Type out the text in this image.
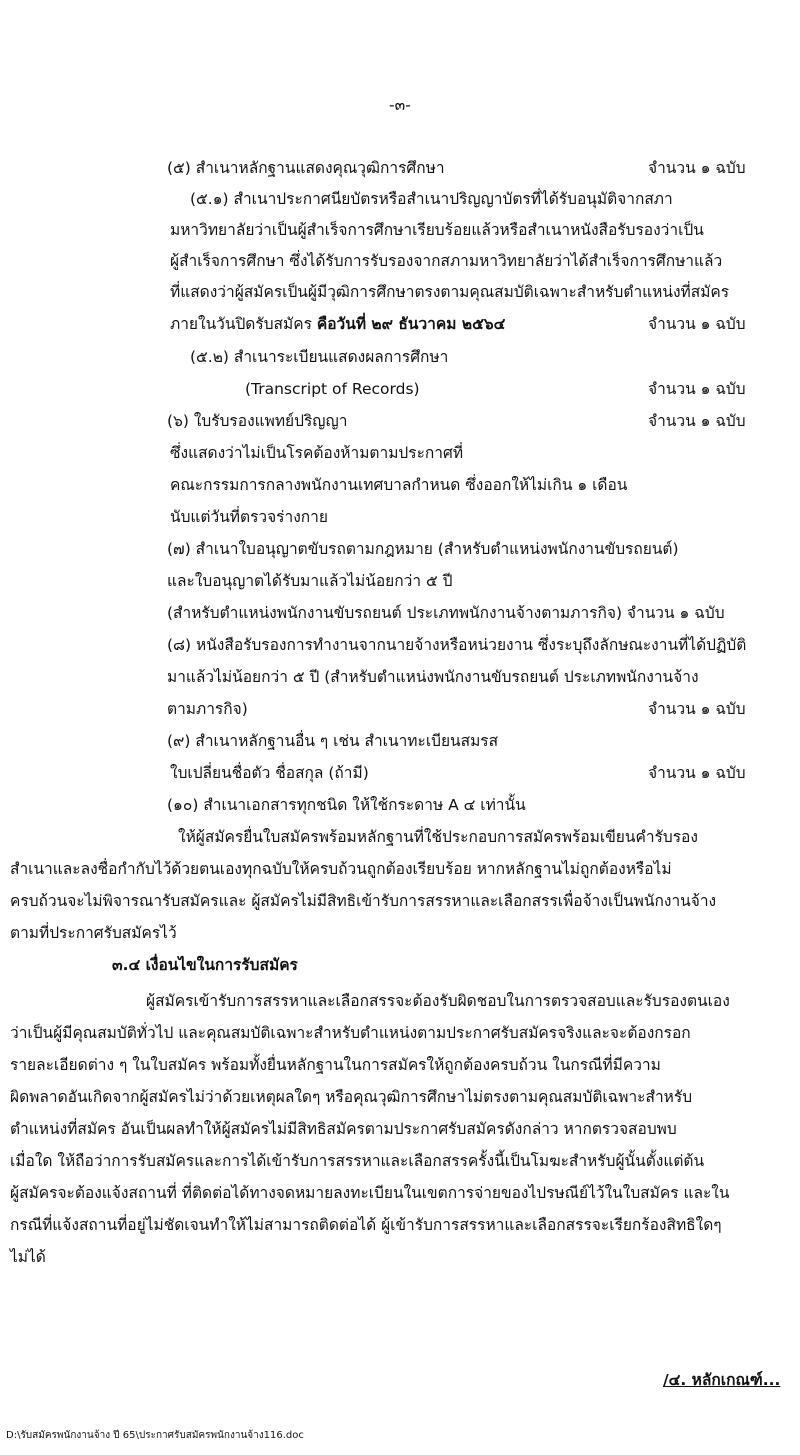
-๓-
(๕) สำเนาหลักฐานแสดงคุณวุฒิการศึกษา	จำนวน ๑ ฉบับ
(๕.๑) สำเนาประกาศนียบัตรหรือสำเนาปริญญาบัตรที่ได้รับอนุมัติจากสภา
มหาวิทยาลัยว่าเป็นผู้สำเร็จการศึกษาเรียบร้อยแล้วหรือสำเนาหนังสือรับรองว่าเป็น
ผู้สำเร็จการศึกษา ซึ่งได้รับการรับรองจากสภามหาวิทยาลัยว่าได้สำเร็จการศึกษาแล้ว
ที่แสดงว่าผู้สมัครเป็นผู้มีวุฒิการศึกษาตรงตามคุณสมบัติเฉพาะสำหรับตำแหน่งที่สมัคร
ภายในวันปิดรับสมัคร คือวันที่ ๒๙ ธันวาคม ๒๕๖๔	จำนวน ๑ ฉบับ
(๕.๒) สำเนาระเบียนแสดงผลการศึกษา
(Transcript of Records)	จำนวน ๑ ฉบับ
(๖) ใบรับรองแพทย์ปริญญา	จำนวน ๑ ฉบับ
ซึ่งแสดงว่าไม่เป็นโรคต้องห้ามตามประกาศที่
คณะกรรมการกลางพนักงานเทศบาลกำหนด ซึ่งออกให้ไม่เกิน ๑ เดือน
นับแต่วันที่ตรวจร่างกาย
(๗) สำเนาใบอนุญาตขับรถตามกฎหมาย (สำหรับตำแหน่งพนักงานขับรถยนต์)
และใบอนุญาตได้รับมาแล้วไม่น้อยกว่า ๕ ปี
(สำหรับตำแหน่งพนักงานขับรถยนต์ ประเภทพนักงานจ้างตามภารกิจ) จำนวน ๑ ฉบับ
(๘) หนังสือรับรองการทำงานจากนายจ้างหรือหน่วยงาน ซึ่งระบุถึงลักษณะงานที่ได้ปฏิบัติ
มาแล้วไม่น้อยกว่า ๕ ปี (สำหรับตำแหน่งพนักงานขับรถยนต์ ประเภทพนักงานจ้าง
ตามภารกิจ)	จำนวน ๑ ฉบับ
(๙) สำเนาหลักฐานอื่น ๆ เช่น สำเนาทะเบียนสมรส
ใบเปลี่ยนชื่อตัว ชื่อสกุล (ถ้ามี)	จำนวน ๑ ฉบับ
(๑๐) สำเนาเอกสารทุกชนิด ให้ใช้กระดาษ A ๔ เท่านั้น
ให้ผู้สมัครยื่นใบสมัครพร้อมหลักฐานที่ใช้ประกอบการสมัครพร้อมเขียนคำรับรอง
สำเนาและลงชื่อกำกับไว้ด้วยตนเองทุกฉบับให้ครบถ้วนถูกต้องเรียบร้อย หากหลักฐานไม่ถูกต้องหรือไม่
ครบถ้วนจะไม่พิจารณารับสมัครและ ผู้สมัครไม่มีสิทธิเข้ารับการสรรหาและเลือกสรรเพื่อจ้างเป็นพนักงานจ้าง
ตามที่ประกาศรับสมัครไว้
๓.๔ เงื่อนไขในการรับสมัคร
ผู้สมัครเข้ารับการสรรหาและเลือกสรรจะต้องรับผิดชอบในการตรวจสอบและรับรองตนเอง
ว่าเป็นผู้มีคุณสมบัติทั่วไป และคุณสมบัติเฉพาะสำหรับตำแหน่งตามประกาศรับสมัครจริงและจะต้องกรอก
รายละเอียดต่าง ๆ ในใบสมัคร พร้อมทั้งยื่นหลักฐานในการสมัครให้ถูกต้องครบถ้วน ในกรณีที่มีความ
ผิดพลาดอันเกิดจากผู้สมัครไม่ว่าด้วยเหตุผลใดๆ หรือคุณวุฒิการศึกษาไม่ตรงตามคุณสมบัติเฉพาะสำหรับ
ตำแหน่งที่สมัคร อันเป็นผลทำให้ผู้สมัครไม่มีสิทธิสมัครตามประกาศรับสมัครดังกล่าว หากตรวจสอบพบ
เมื่อใด ให้ถือว่าการรับสมัครและการได้เข้ารับการสรรหาและเลือกสรรครั้งนี้เป็นโมฆะสำหรับผู้นั้นตั้งแต่ต้น
ผู้สมัครจะต้องแจ้งสถานที่ ที่ติดต่อได้ทางจดหมายลงทะเบียนในเขตการจ่ายของไปรษณีย์ไว้ในใบสมัคร และใน
กรณีที่แจ้งสถานที่อยู่ไม่ชัดเจนทำให้ไม่สามารถติดต่อได้ ผู้เข้ารับการสรรหาและเลือกสรรจะเรียกร้องสิทธิใดๆ
ไม่ได้
/๔. หลักเกณฑ์...
D:\รับสมัครพนักงานจ้าง ปี 65\ประกาศรับสมัครพนักงานจ้าง116.doc
